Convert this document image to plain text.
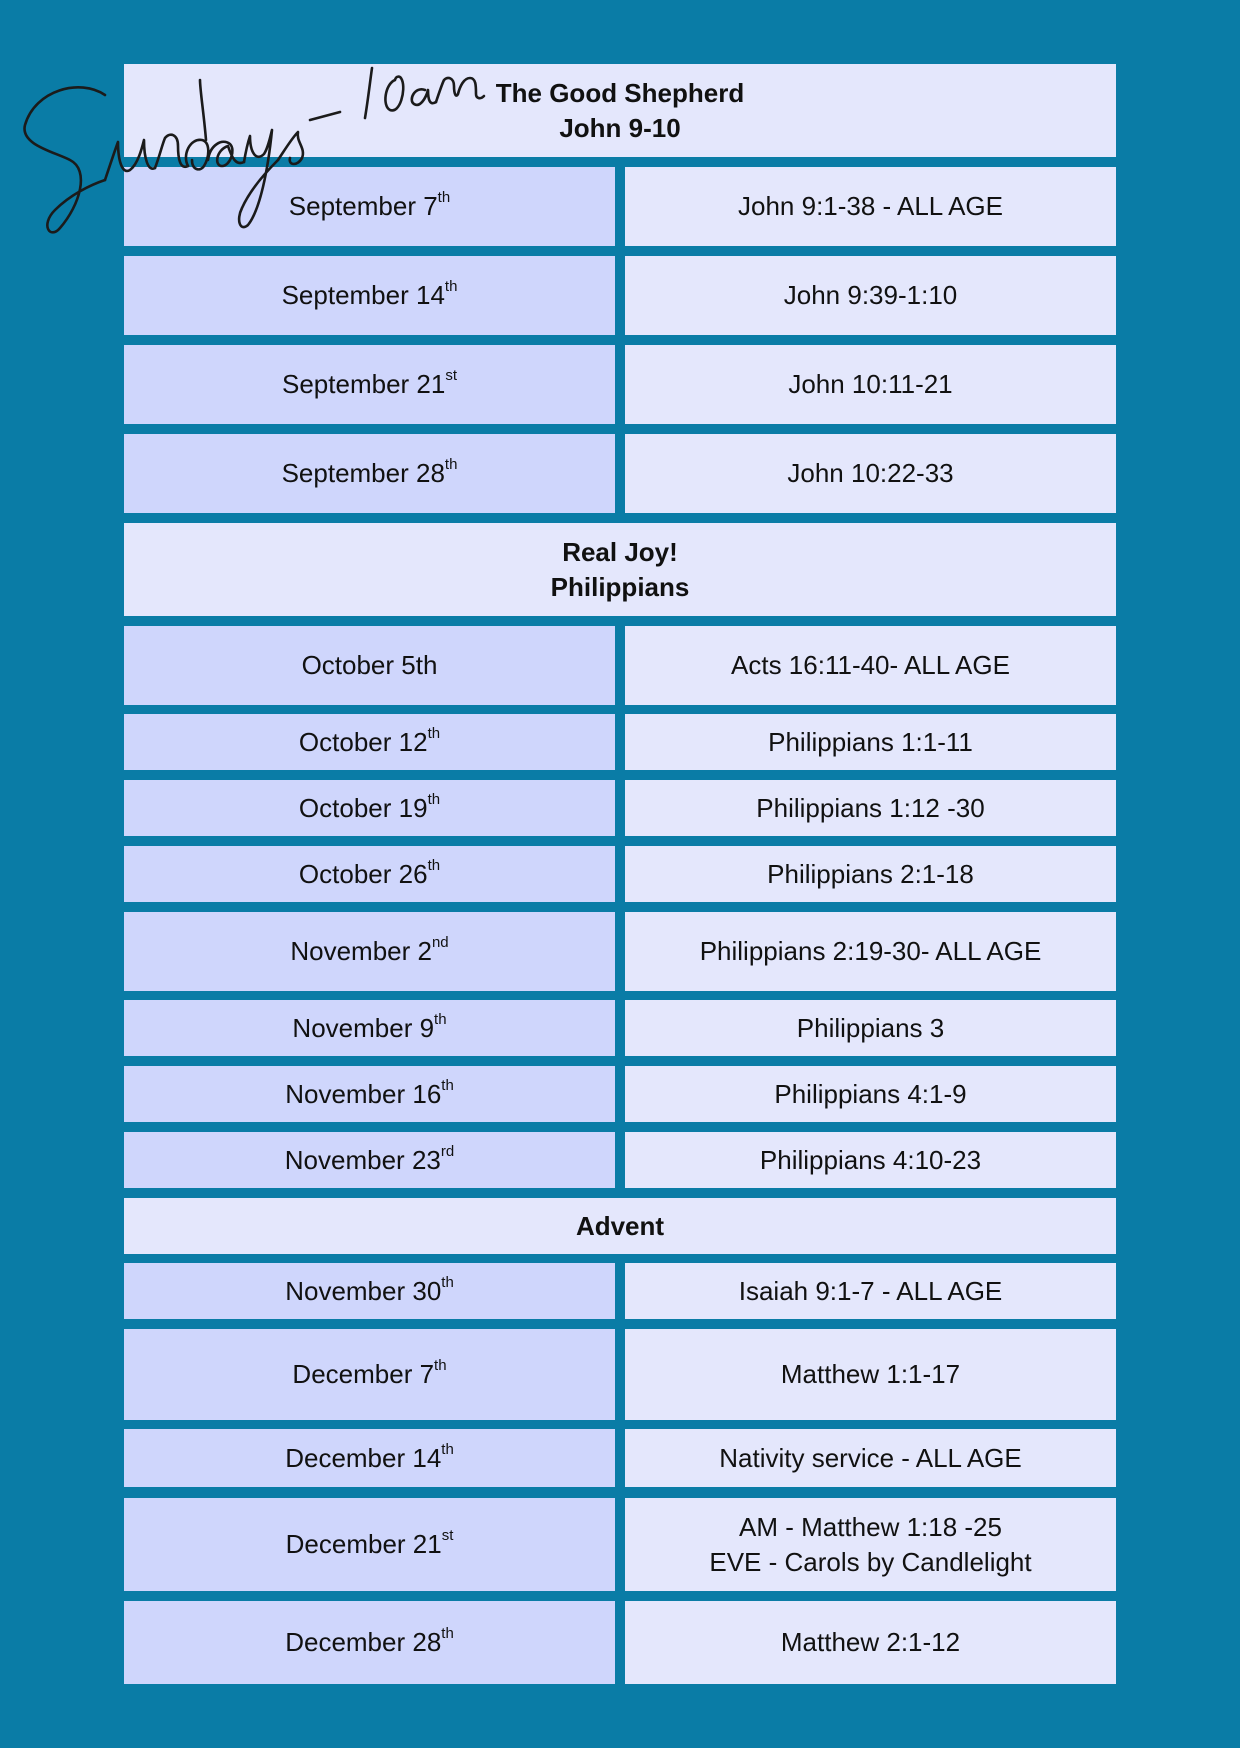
The Good Shepherd
John 9-10
September 7th	John 9:1-38 - ALL AGE
September 14th	John 9:39-1:10
September 21st	John 10:11-21
September 28th	John 10:22-33
Real Joy!
Philippians
October 5th	Acts 16:11-40- ALL AGE
October 12th	Philippians 1:1-11
October 19th	Philippians 1:12 -30
October 26th	Philippians 2:1-18
November 2nd	Philippians 2:19-30- ALL AGE
November 9th	Philippians 3
November 16th	Philippians 4:1-9
November 23rd	Philippians 4:10-23
Advent
November 30th	Isaiah 9:1-7 - ALL AGE
December 7th	Matthew 1:1-17
December 14th	Nativity service - ALL AGE
December 21st	AM - Matthew 1:18 -25
EVE - Carols by Candlelight
December 28th	Matthew 2:1-12
